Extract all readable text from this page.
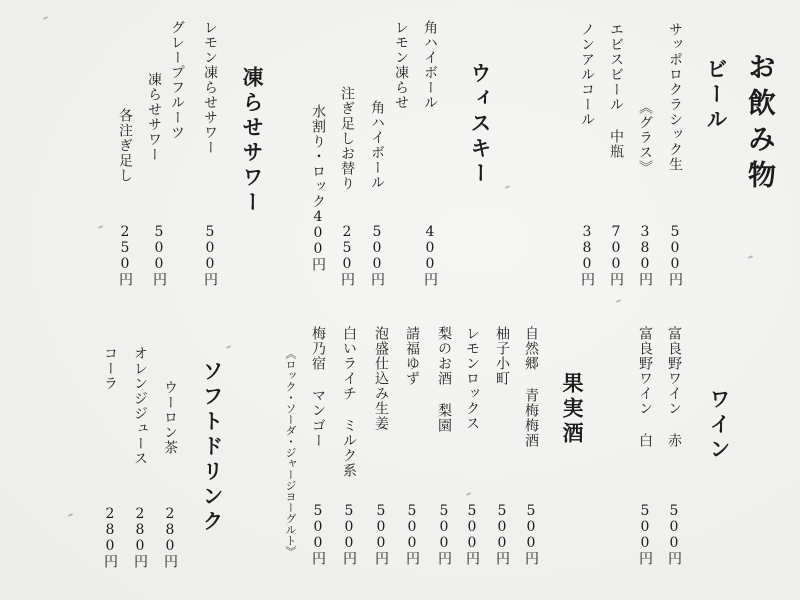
お飲み物
ビール
サッポロクラシック生
500円
《グラス》
380円
エビスビール 中瓶
700円
ノンアルコール
380円
ウィスキー
角ハイボール
400円
レモン凍らせ
角ハイボール
500円
注ぎ足しお替り
250円
水割り・ロック
400円
凍らせサワー
レモン凍らせサワー
500円
グレープフルーツ
500円
凍らせサワー
各注ぎ足し
250円
ワイン
富良野ワイン 赤
500円
富良野ワイン 白
500円
果実酒
自然郷 青梅梅酒
500円
柚子小町
500円
レモンロックス
500円
梨のお酒 梨園
500円
請福ゆず
500円
泡盛仕込み生姜
500円
白いライチ ミルク系
500円
梅乃宿 マンゴー
500円
《ロック・ソーダ・ジャージヨーグルト》
ソフトドリンク
ウーロン茶
280円
オレンジジュース
280円
コーラ
280円
